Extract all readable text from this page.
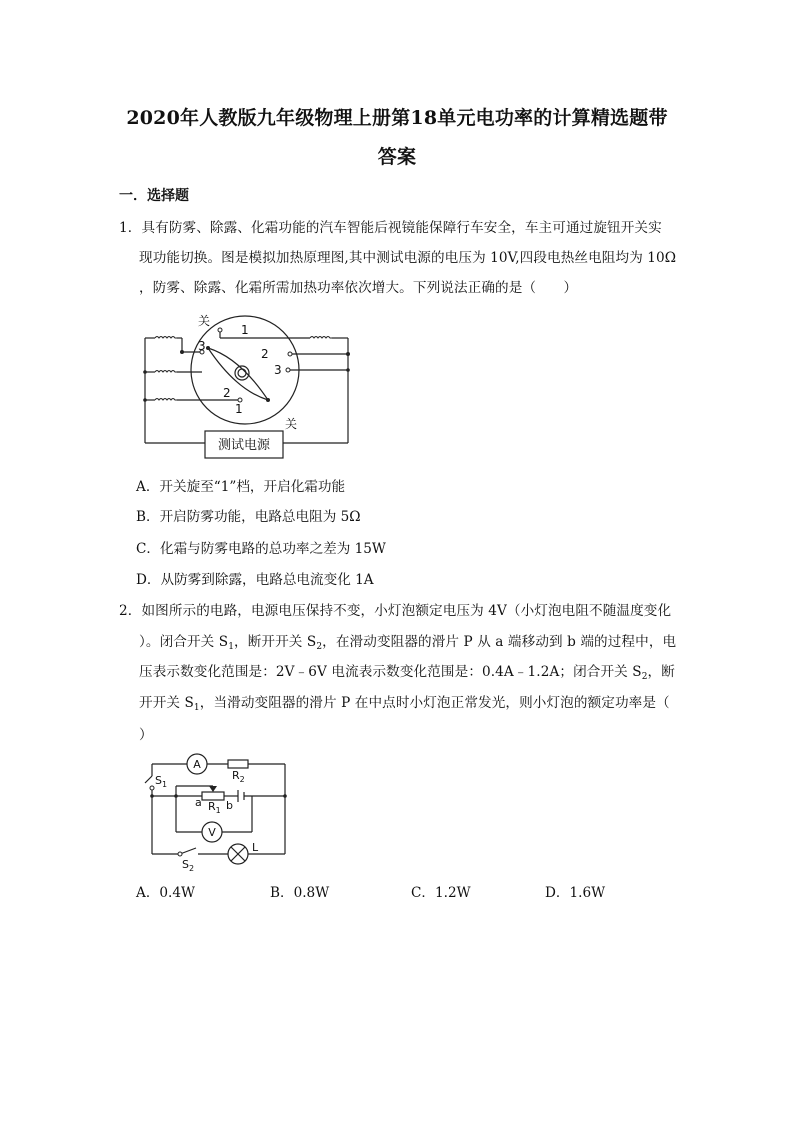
2020年人教版九年级物理上册第18单元电功率的计算精选题带
答案
一．选择题
1．具有防雾、除露、化霜功能的汽车智能后视镜能保障行车安全，车主可通过旋钮开关实
现功能切换。图是模拟加热原理图,其中测试电源的电压为 10V,四段电热丝电阻均为 10Ω
，防雾、除露、化霜所需加热功率依次增大。下列说法正确的是（　　）
关
关
1
2
3
3
2
1
测试电源
A．开关旋至“1”档，开启化霜功能
B．开启防雾功能，电路总电阻为 5Ω
C．化霜与防雾电路的总功率之差为 15W
D．从防雾到除露，电路总电流变化 1A
2．如图所示的电路，电源电压保持不变，小灯泡额定电压为 4V（小灯泡电阻不随温度变化
）。闭合开关 $S_1$，断开开关 $S_2$，在滑动变阻器的滑片 P 从 a 端移动到 b 端的过程中，电
压表示数变化范围是：2V﹣6V 电流表示数变化范围是：0.4A﹣1.2A；闭合开关 $S_2$，断
开开关 $S_1$，当滑动变阻器的滑片 P 在中点时小灯泡正常发光，则小灯泡的额定功率是（
）
A
V
$R_2$
$R_1$
a b
$S_1$
$S_2$
L
A．0.4W	B．0.8W	C．1.2W	D．1.6W
